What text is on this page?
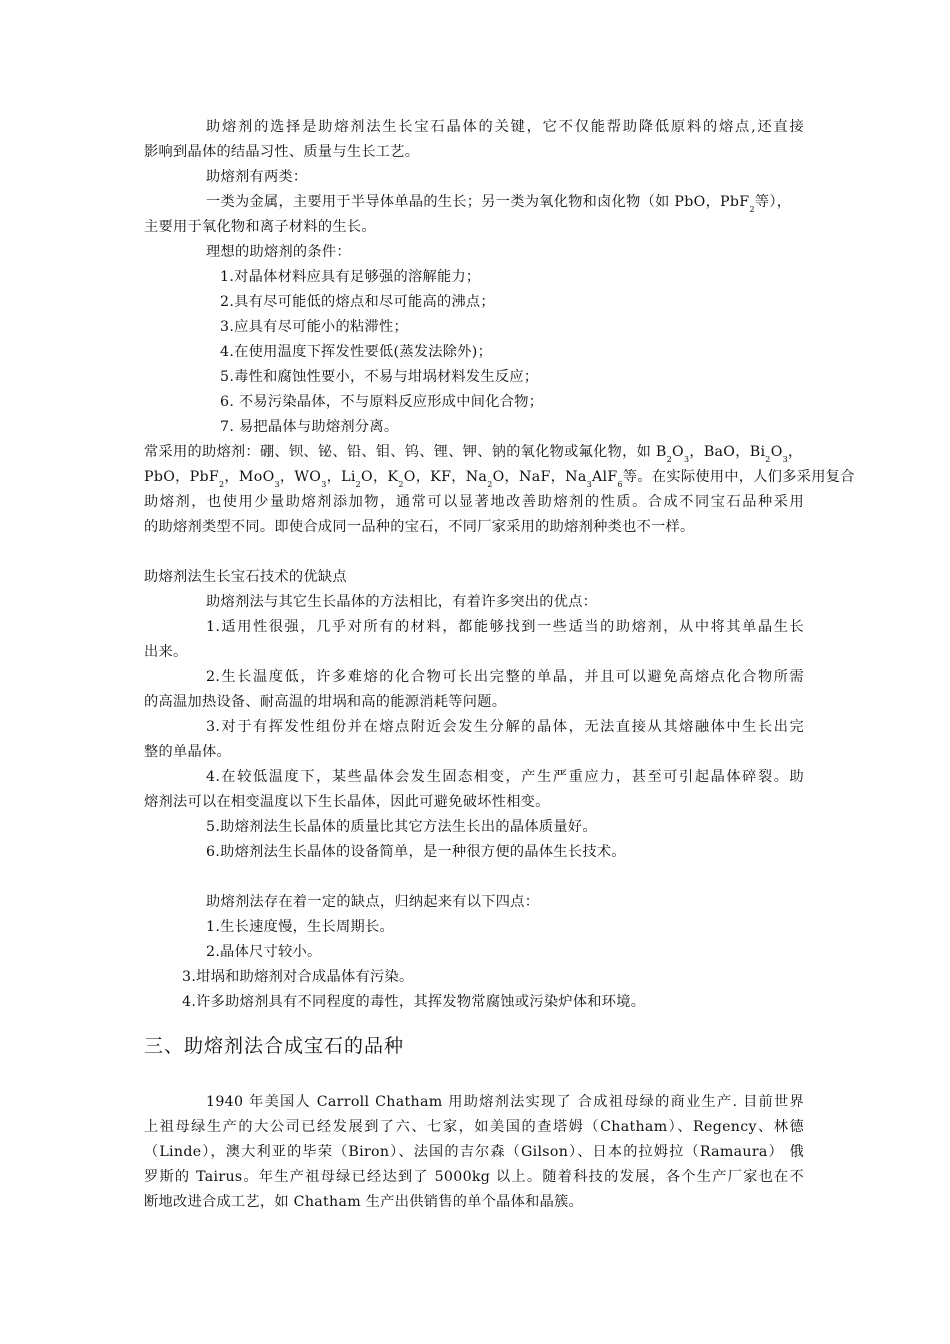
助熔剂的选择是助熔剂法生长宝石晶体的关键，它不仅能帮助降低原料的熔点,还直接
影响到晶体的结晶习性、质量与生长工艺。
助熔剂有两类：
一类为金属，主要用于半导体单晶的生长；另一类为氧化物和卤化物（如 PbO，PbF$_2$等），
主要用于氧化物和离子材料的生长。
理想的助熔剂的条件：
1.对晶体材料应具有足够强的溶解能力；
2.具有尽可能低的熔点和尽可能高的沸点；
3.应具有尽可能小的粘滞性；
4.在使用温度下挥发性要低(蒸发法除外)；
5.毒性和腐蚀性要小，不易与坩埚材料发生反应；
6. 不易污染晶体，不与原料反应形成中间化合物；
7. 易把晶体与助熔剂分离。
常采用的助熔剂：硼、钡、铋、铅、钼、钨、锂、钾、钠的氧化物或氟化物，如 $B_2O_3$，BaO，$Bi_2O_3$，
PbO，PbF$_2$，MoO$_3$，$WO_3$，$Li_2O$，$K_2O$，KF，$Na_2O$，NaF，$Na_3AlF_6$等。在实际使用中，人们多采用复合
助熔剂，也使用少量助熔剂添加物，通常可以显著地改善助熔剂的性质。合成不同宝石品种采用
的助熔剂类型不同。即使合成同一品种的宝石，不同厂家采用的助熔剂种类也不一样。
助熔剂法生长宝石技术的优缺点
助熔剂法与其它生长晶体的方法相比，有着许多突出的优点：
1.适用性很强，几乎对所有的材料，都能够找到一些适当的助熔剂，从中将其单晶生长
出来。
2.生长温度低，许多难熔的化合物可长出完整的单晶，并且可以避免高熔点化合物所需
的高温加热设备、耐高温的坩埚和高的能源消耗等问题。
3.对于有挥发性组份并在熔点附近会发生分解的晶体，无法直接从其熔融体中生长出完
整的单晶体。
4.在较低温度下，某些晶体会发生固态相变，产生严重应力，甚至可引起晶体碎裂。助
熔剂法可以在相变温度以下生长晶体，因此可避免破坏性相变。
5.助熔剂法生长晶体的质量比其它方法生长出的晶体质量好。
6.助熔剂法生长晶体的设备简单，是一种很方便的晶体生长技术。
助熔剂法存在着一定的缺点，归纳起来有以下四点：
1.生长速度慢，生长周期长。
2.晶体尺寸较小。
3.坩埚和助熔剂对合成晶体有污染。
4.许多助熔剂具有不同程度的毒性，其挥发物常腐蚀或污染炉体和环境。
三、助熔剂法合成宝石的品种
1940 年美国人 Carroll Chatham 用助熔剂法实现了 合成祖母绿的商业生产. 目前世界
上祖母绿生产的大公司已经发展到了六、七家，如美国的查塔姆（Chatham）、Regency、林德
（Linde），澳大利亚的毕荣（Biron）、法国的吉尔森（Gilson）、日本的拉姆拉（Ramaura） 俄
罗斯的 Tairus。年生产祖母绿已经达到了 5000kg 以上。随着科技的发展，各个生产厂家也在不
断地改进合成工艺，如 Chatham 生产出供销售的单个晶体和晶簇。
